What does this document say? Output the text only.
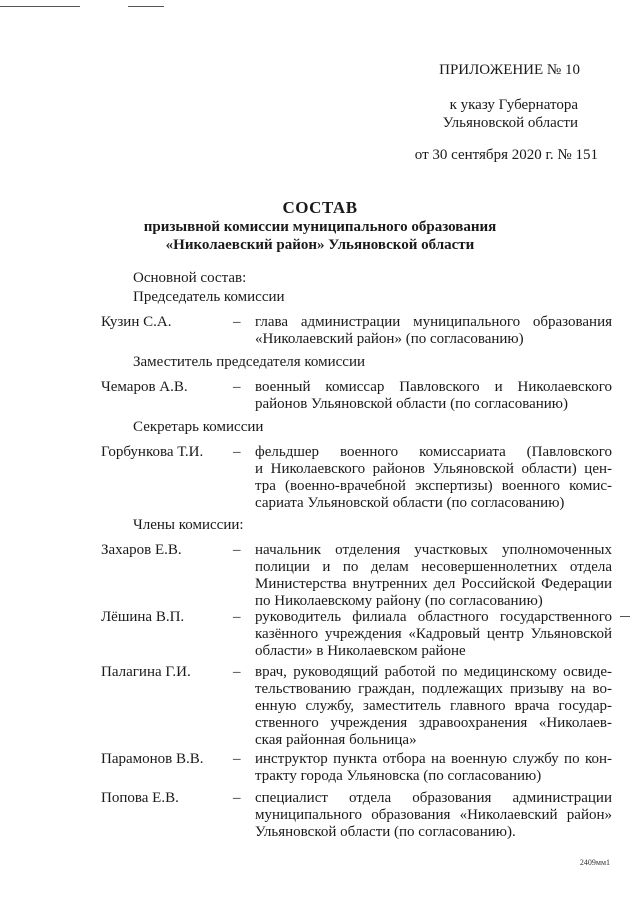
ПРИЛОЖЕНИЕ № 10
к указу Губернатора
Ульяновской области
от 30 сентября 2020 г. № 151
СОСТАВ
призывной комиссии муниципального образования
«Николаевский район» Ульяновской области
Основной состав:
Председатель комиссии
Кузин С.А.	– глава администрации муниципального образования
«Николаевский район» (по согласованию)
Заместитель председателя комиссии
Чемаров А.В.	– военный комиссар Павловского и Николаевского
районов Ульяновской области (по согласованию)
Секретарь комиссии
Горбункова Т.И. – фельдшер военного комиссариата (Павловского
и Николаевского районов Ульяновской области) цен-
тра (военно-врачебной экспертизы) военного комис-
сариата Ульяновской области (по согласованию)
Члены комиссии:
Захаров Е.В.	– начальник отделения участковых уполномоченных
полиции и по делам несовершеннолетних отдела
Министерства внутренних дел Российской Федерации
по Николаевскому району (по согласованию)
Лёшина В.П.	– руководитель филиала областного государственного
казённого учреждения «Кадровый центр Ульяновской
области» в Николаевском районе
Палагина Г.И.	– врач, руководящий работой по медицинскому освиде-
тельствованию граждан, подлежащих призыву на во-
енную службу, заместитель главного врача государ-
ственного учреждения здравоохранения «Николаев-
ская районная больница»
Парамонов В.В. – инструктор пункта отбора на военную службу по кон-
тракту города Ульяновска (по согласованию)
Попова Е.В.	– специалист отдела образования администрации
муниципального образования «Николаевский район»
Ульяновской области (по согласованию).
2409мм1
